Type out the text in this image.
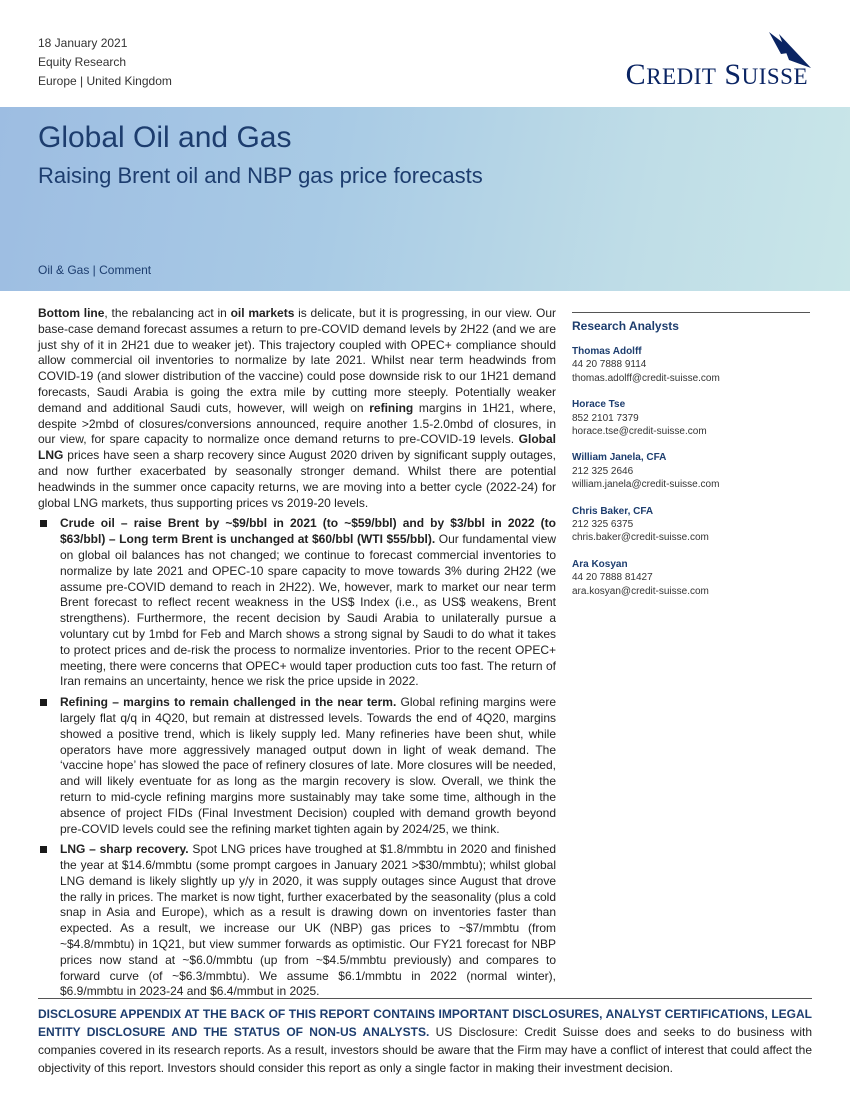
18 January 2021
Equity Research
Europe | United Kingdom	CREDIT SUISSE
Global Oil and Gas
Raising Brent oil and NBP gas price forecasts
Oil & Gas | Comment

Bottom line, the rebalancing act in oil markets is delicate, but it is progressing, in our view. Our base-case demand forecast assumes a return to pre-COVID demand levels by 2H22 (and we are just shy of it in 2H21 due to weaker jet). This trajectory coupled with OPEC+ compliance should allow commercial oil inventories to normalize by late 2021. Whilst near term headwinds from COVID-19 (and slower distribution of the vaccine) could pose downside risk to our 1H21 demand forecasts, Saudi Arabia is going the extra mile by cutting more steeply. Potentially weaker demand and additional Saudi cuts, however, will weigh on refining margins in 1H21, where, despite >2mbd of closures/conversions announced, require another 1.5-2.0mbd of closures, in our view, for spare capacity to normalize once demand returns to pre-COVID-19 levels. Global LNG prices have seen a sharp recovery since August 2020 driven by significant supply outages, and now further exacerbated by seasonally stronger demand. Whilst there are potential headwinds in the summer once capacity returns, we are moving into a better cycle (2022-24) for global LNG markets, thus supporting prices vs 2019-20 levels.

Crude oil – raise Brent by ~$9/bbl in 2021 (to ~$59/bbl) and by $3/bbl in 2022 (to $63/bbl) – Long term Brent is unchanged at $60/bbl (WTI $55/bbl). Our fundamental view on global oil balances has not changed; we continue to forecast commercial inventories to normalize by late 2021 and OPEC-10 spare capacity to move towards 3% during 2H22 (we assume pre-COVID demand to reach in 2H22). We, however, mark to market our near term Brent forecast to reflect recent weakness in the US$ Index (i.e., as US$ weakens, Brent strengthens). Furthermore, the recent decision by Saudi Arabia to unilaterally pursue a voluntary cut by 1mbd for Feb and March shows a strong signal by Saudi to do what it takes to protect prices and de-risk the process to normalize inventories. Prior to the recent OPEC+ meeting, there were concerns that OPEC+ would taper production cuts too fast. The return of Iran remains an uncertainty, hence we risk the price upside in 2022.
Refining – margins to remain challenged in the near term. Global refining margins were largely flat q/q in 4Q20, but remain at distressed levels. Towards the end of 4Q20, margins showed a positive trend, which is likely supply led. Many refineries have been shut, while operators have more aggressively managed output down in light of weak demand. The ‘vaccine hope’ has slowed the pace of refinery closures of late. More closures will be needed, and will likely eventuate for as long as the margin recovery is slow. Overall, we think the return to mid-cycle refining margins more sustainably may take some time, although in the absence of project FIDs (Final Investment Decision) coupled with demand growth beyond pre-COVID levels could see the refining market tighten again by 2024/25, we think.
LNG – sharp recovery. Spot LNG prices have troughed at $1.8/mmbtu in 2020 and finished the year at $14.6/mmbtu (some prompt cargoes in January 2021 >$30/mmbtu); whilst global LNG demand is likely slightly up y/y in 2020, it was supply outages since August that drove the rally in prices. The market is now tight, further exacerbated by the seasonality (plus a cold snap in Asia and Europe), which as a result is drawing down on inventories faster than expected. As a result, we increase our UK (NBP) gas prices to ~$7/mmbtu (from ~$4.8/mmbtu) in 1Q21, but view summer forwards as optimistic. Our FY21 forecast for NBP prices now stand at ~$6.0/mmbtu (up from ~$4.5/mmbtu previously) and compares to forward curve (of ~$6.3/mmbtu). We assume $6.1/mmbtu in 2022 (normal winter), $6.9/mmbtu in 2023-24 and $6.4/mmbut in 2025.
Research Analysts
Thomas Adolff
44 20 7888 9114
thomas.adolff@credit-suisse.com
Horace Tse
852 2101 7379
horace.tse@credit-suisse.com
William Janela, CFA
212 325 2646
william.janela@credit-suisse.com
Chris Baker, CFA
212 325 6375
chris.baker@credit-suisse.com
Ara Kosyan
44 20 7888 81427
ara.kosyan@credit-suisse.com
DISCLOSURE APPENDIX AT THE BACK OF THIS REPORT CONTAINS IMPORTANT DISCLOSURES, ANALYST CERTIFICATIONS, LEGAL ENTITY DISCLOSURE AND THE STATUS OF NON-US ANALYSTS. US Disclosure: Credit Suisse does and seeks to do business with companies covered in its research reports. As a result, investors should be aware that the Firm may have a conflict of interest that could affect the objectivity of this report. Investors should consider this report as only a single factor in making their investment decision.
